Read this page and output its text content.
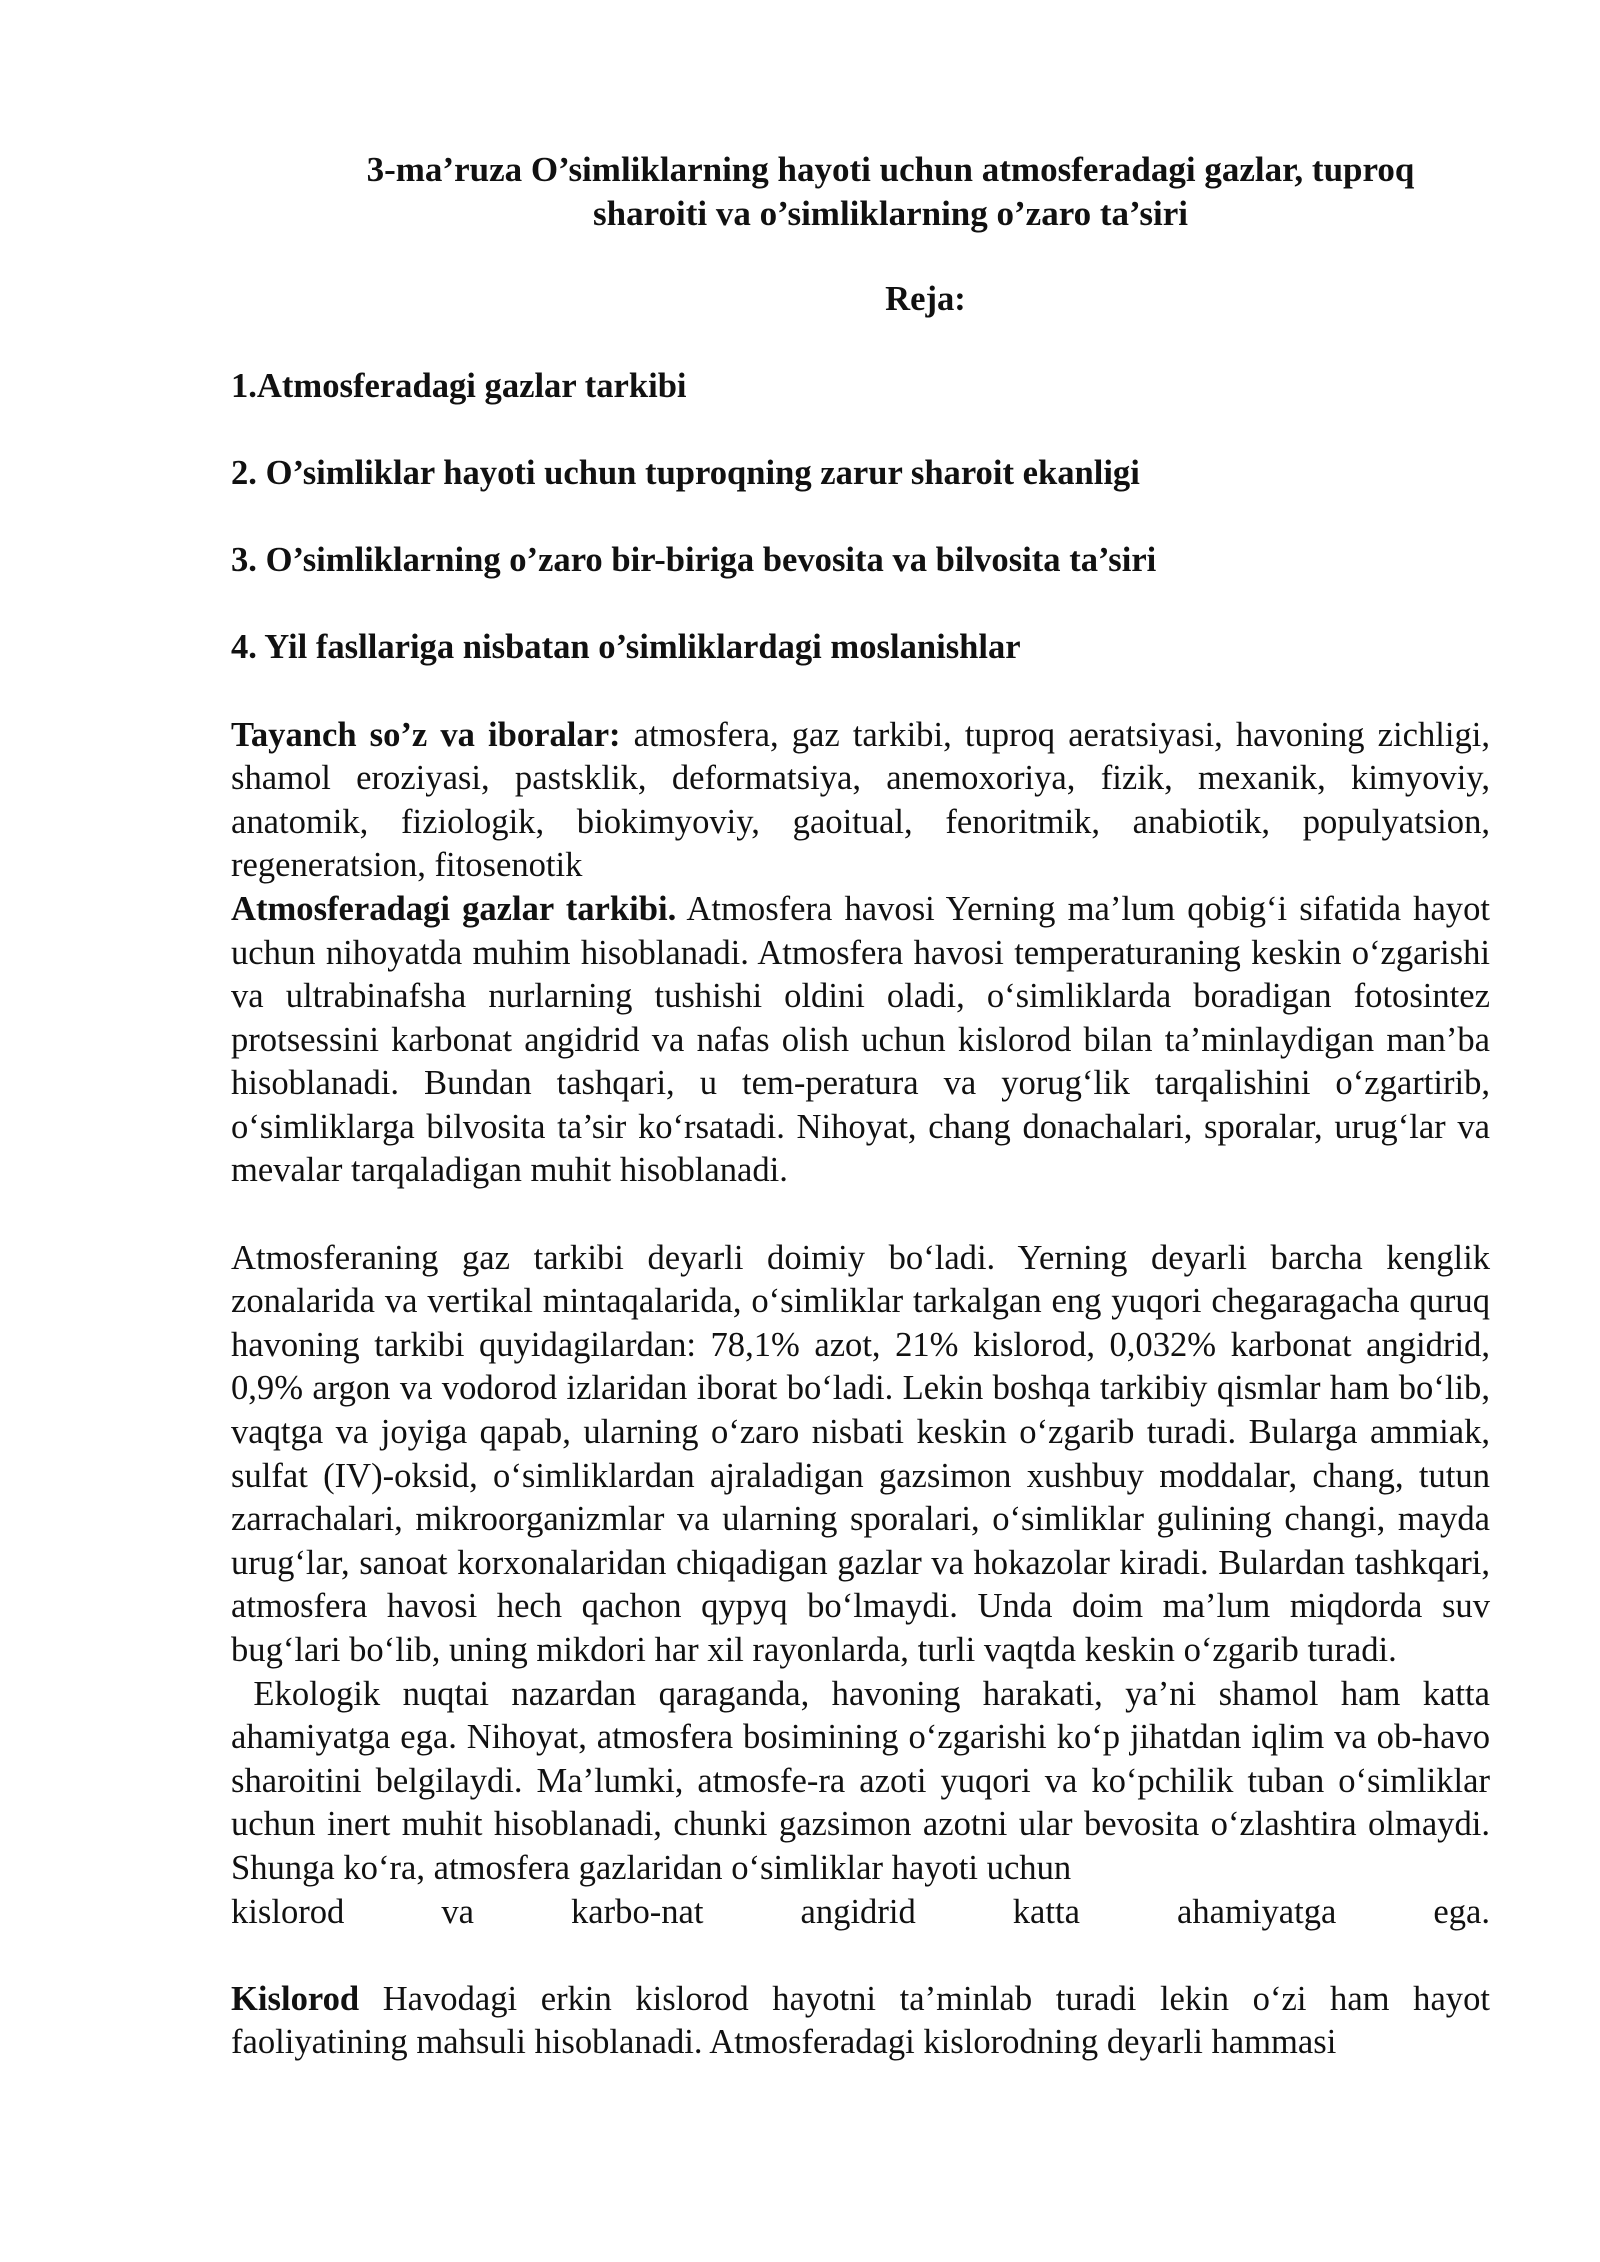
3-ma’ruza O’simliklarning hayoti uchun atmosferadagi gazlar, tuproq
sharoiti va o’simliklarning o’zaro ta’siri
Reja:
1.Atmosferadagi gazlar tarkibi
2. O’simliklar hayoti uchun tuproqning zarur sharoit ekanligi
3. O’simliklarning o’zaro bir-biriga bevosita va bilvosita ta’siri
4. Yil fasllariga nisbatan o’simliklardagi moslanishlar

Tayanch so’z va iboralar: atmosfera, gaz tarkibi, tuproq aeratsiyasi, havoning zichligi, shamol eroziyasi, pastsklik, deformatsiya, anemoxoriya, fizik, mexanik, kimyoviy, anatomik, fiziologik, biokimyoviy, gaoitual, fenoritmik, anabiotik, populyatsion, regeneratsion, fitosenotik

Atmosferadagi gazlar tarkibi. Atmosfera havosi Yerning ma’lum qobig‘i sifatida hayot uchun nihoyatda muhim hisoblanadi. Atmosfera havosi temperaturaning keskin o‘zgarishi va ultrabinafsha nurlarning tushishi oldini oladi, o‘simliklarda boradigan fotosintez protsessini karbonat angidrid va nafas olish uchun kislorod bilan ta’minlaydigan man’ba hisoblanadi. Bundan tashqari, u tem-peratura va yorug‘lik tarqalishini o‘zgartirib, o‘simliklarga bilvosita ta’sir ko‘rsatadi. Nihoyat, chang donachalari, sporalar, urug‘lar va mevalar tarqaladigan muhit hisoblanadi.

Atmosferaning gaz tarkibi deyarli doimiy bo‘ladi. Yerning deyarli barcha kenglik zonalarida va vertikal mintaqalarida, o‘simliklar tarkalgan eng yuqori chegaragacha quruq havoning tarkibi quyidagilardan: 78,1% azot, 21% kislorod, 0,032% karbonat angidrid, 0,9% argon va vodorod izlaridan iborat bo‘ladi. Lekin boshqa tarkibiy qismlar ham bo‘lib, vaqtga va joyiga qapab, ularning o‘zaro nisbati keskin o‘zgarib turadi. Bularga ammiak, sulfat (IV)-oksid, o‘simliklardan ajraladigan gazsimon xushbuy moddalar, chang, tutun zarrachalari, mikroorganizmlar va ularning sporalari, o‘simliklar gulining changi, mayda urug‘lar, sanoat korxonalaridan chiqadigan gazlar va hokazolar kiradi. Bulardan tashkqari, atmosfera havosi hech qachon qypyq bo‘lmaydi. Unda doim ma’lum miqdorda suv bug‘lari bo‘lib, uning mikdori har xil rayonlarda, turli vaqtda keskin o‘zgarib turadi.

Ekologik nuqtai nazardan qaraganda, havoning harakati, ya’ni shamol ham katta ahamiyatga ega. Nihoyat, atmosfera bosimining o‘zgarishi ko‘p jihatdan iqlim va ob-havo sharoitini belgilaydi. Ma’lumki, atmosfe-ra azoti yuqori va ko‘pchilik tuban o‘simliklar uchun inert muhit hisoblanadi, chunki gazsimon azotni ular bevosita o‘zlashtira olmaydi. Shunga ko‘ra, atmosfera gazlaridan o‘simliklar hayoti uchun

kislorod va karbo-nat angidrid katta ahamiyatga ega.

Kislorod Havodagi erkin kislorod hayotni ta’minlab turadi lekin o‘zi ham hayot faoliyatining mahsuli hisoblanadi. Atmosferadagi kislorodning deyarli hammasi
